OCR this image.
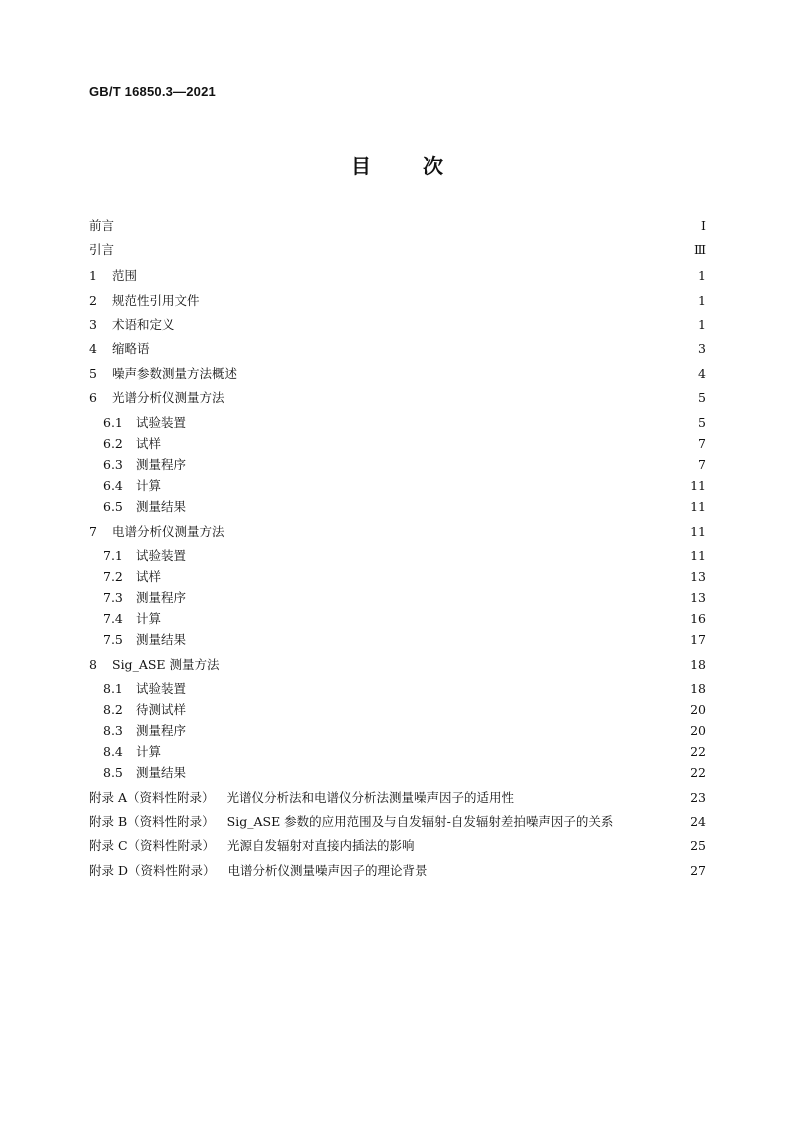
GB/T 16850.3—2021
目	次
前言	Ⅰ
引言	Ⅲ
1	范围	1
2	规范性引用文件	1
3	术语和定义	1
4	缩略语	3
5	噪声参数测量方法概述	4
6	光谱分析仪测量方法	5
6.1	试验装置	5
6.2	试样	7
6.3	测量程序	7
6.4	计算	11
6.5	测量结果	11
7	电谱分析仪测量方法	11
7.1	试验装置	11
7.2	试样	13
7.3	测量程序	13
7.4	计算	16
7.5	测量结果	17
8	Sig_ASE 测量方法	18
8.1	试验装置	18
8.2	待测试样	20
8.3	测量程序	20
8.4	计算	22
8.5	测量结果	22
附录 A（资料性附录） 光谱仪分析法和电谱仪分析法测量噪声因子的适用性	23
附录 B（资料性附录） Sig_ASE 参数的应用范围及与自发辐射-自发辐射差拍噪声因子的关系	24
附录 C（资料性附录） 光源自发辐射对直接内插法的影响	25
附录 D（资料性附录） 电谱分析仪测量噪声因子的理论背景	27
